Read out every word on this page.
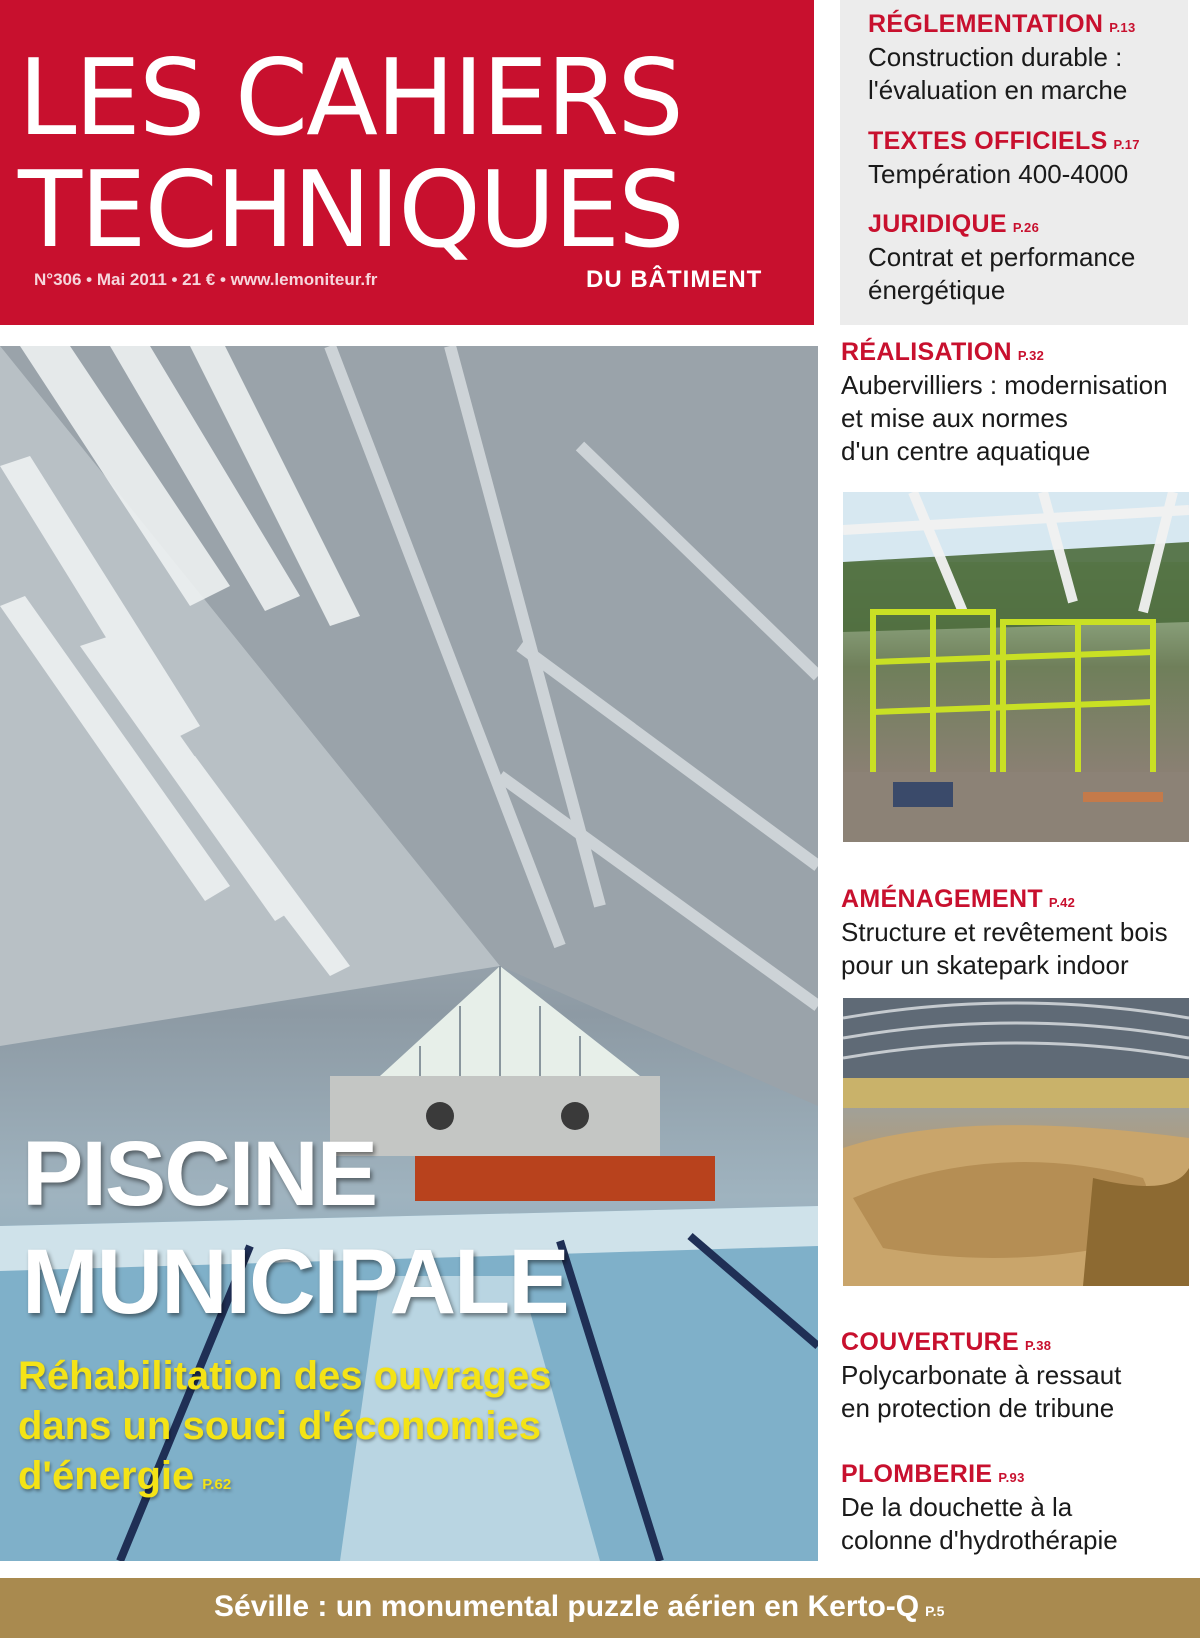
LES CAHIERS
TECHNIQUES
N°306 • Mai 2011 • 21 € • www.lemoniteur.fr	DU BÂTIMENT
RÉGLEMENTATION P.13
Construction durable :
l'évaluation en marche
TEXTES OFFICIELS P.17
Températion 400-4000
JURIDIQUE P.26
Contrat et performance
énergétique
RÉALISATION P.32
Aubervilliers : modernisation
et mise aux normes
d'un centre aquatique
AMÉNAGEMENT P.42
Structure et revêtement bois
pour un skatepark indoor
COUVERTURE P.38
Polycarbonate à ressaut
en protection de tribune
PLOMBERIE P.93
De la douchette à la
colonne d'hydrothérapie
PISCINE
MUNICIPALE
Réhabilitation des ouvrages
dans un souci d'économies
d'énergie P.62
Séville : un monumental puzzle aérien en Kerto-Q P.5
